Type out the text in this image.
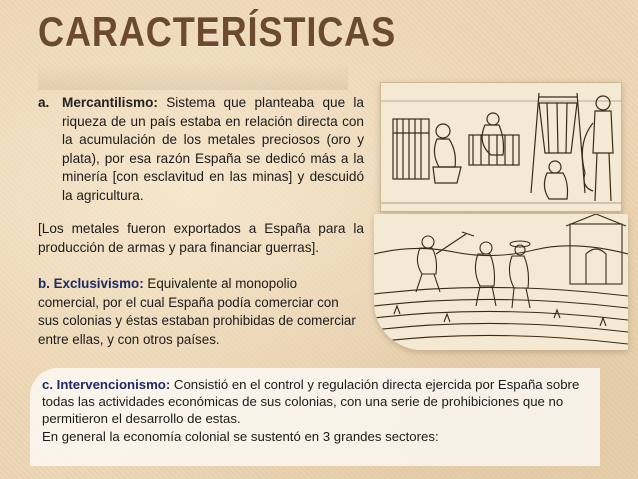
CARACTERÍSTICAS
a. Mercantilismo: Sistema que planteaba que la riqueza de un país estaba en relación directa con la acumulación de los metales preciosos (oro y plata), por esa razón España se dedicó más a la minería [con esclavitud en las minas] y descuidó la agricultura.
[Los metales fueron exportados a España para la producción de armas y para financiar guerras].
b. Exclusivismo: Equivalente al monopolio comercial, por el cual España podía comerciar con sus colonias y éstas estaban prohibidas de comerciar entre ellas, y con otros países.
c. Intervencionismo: Consistió en el control y regulación directa ejercida por España sobre todas las actividades económicas de sus colonias, con una serie de prohibiciones que no permitieron el desarrollo de estas.
En general la economía colonial se sustentó en 3 grandes sectores:
